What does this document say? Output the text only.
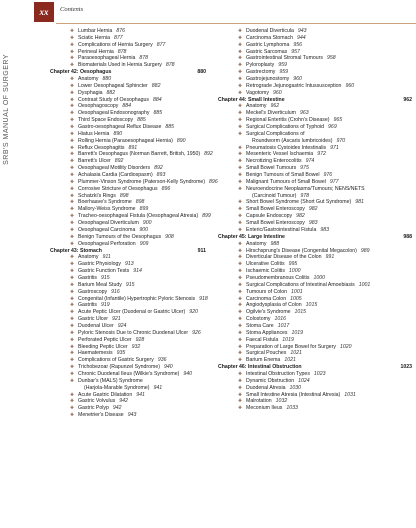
xx	Contents
SRB'S MANUAL OF SURGERY
❖ Lumbar Hernia 876
❖ Sciatic Hernia 877
❖ Complications of Hernia Surgery 877
❖ Perineal Hernia 878
❖ Paraoesophageal Hernia 878
❖ Biomaterials Used in Hernia Surgery 878
Chapter 42: Oesophagus	880
❖ Anatomy 880
❖ Lower Oesophageal Sphincter 882
❖ Dysphagia 882
❖ Contrast Study of Oesophagus 884
❖ Oesophagoscopy 884
❖ Oesophageal Endosonography 885
❖ Third Space Endoscopy 885
❖ Gastro-oesophageal Reflux Disease 885
❖ Hiatus Hernia 890
❖ Rolling Hernia (Paraoesophageal Hernia) 890
❖ Reflux Oesophagitis 891
❖ Barrett's Oesophagus (Norman Barrett, British, 1950) 892
❖ Barrett's Ulcer 892
❖ Oesophageal Motility Disorders 892
❖ Achalasia Cardia (Cardiospasm) 893
❖ Plummer-Vinson Syndrome (Paterson-Kelly Syndrome) 896
❖ Corrosive Stricture of Oesophagus 896
❖ Schatzki's Rings 898
❖ Boerhaave's Syndrome 898
❖ Mallory-Weiss Syndrome 899
❖ Tracheo-oesophageal Fistula (Oesophageal Atresia) 899
❖ Oesophageal Diverticulum 900
❖ Oesophageal Carcinoma 900
❖ Benign Tumours of the Oesophagus 908
❖ Oesophageal Perforation 909
Chapter 43: Stomach	911
❖ Anatomy 911
❖ Gastric Physiology 913
❖ Gastric Function Tests 914
❖ Gastritis 915
❖ Barium Meal Study 915
❖ Gastroscopy 916
❖ Congenital (Infantile) Hypertrophic Pyloric Stenosis 918
❖ Gastritis 919
❖ Acute Peptic Ulcer (Duodenal or Gastric Ulcer) 920
❖ Gastric Ulcer 921
❖ Duodenal Ulcer 924
❖ Pyloric Stenosis Due to Chronic Duodenal Ulcer 926
❖ Perforated Peptic Ulcer 928
❖ Bleeding Peptic Ulcer 932
❖ Haematemesis 935
❖ Complications of Gastric Surgery 936
❖ Trichobezoar (Rapunzel Syndrome) 940
❖ Chronic Duodenal Ileus (Wilkie's Syndrome) 940
❖ Dunbar's (MALS) Syndrome
(Harjola-Marable Syndrome) 941
❖ Acute Gastric Dilatation 941
❖ Gastric Volvulus 942
❖ Gastric Polyp 942
❖ Menetrier's Disease 943
❖ Duodenal Diverticula 943
❖ Carcinoma Stomach 944
❖ Gastric Lymphoma 956
❖ Gastric Sarcomas 957
❖ Gastrointestinal Stromal Tumours 958
❖ Pyloroplasty 959
❖ Gastrectomy 959
❖ Gastrojejunostomy 960
❖ Retrograde Jejunogastric Intussusception 960
❖ Vagotomy 960
Chapter 44: Small Intestine	962
❖ Anatomy 962
❖ Meckel's Diverticulum 963
❖ Regional Enteritis (Crohn's Disease) 965
❖ Surgical Complications of Typhoid 969
❖ Surgical Complications of
Roundworm (Ascaris lumbricoides) 970
❖ Pneumatosis Cystoides Intestinalis 971
❖ Mesenteric Vessel Ischaemia 972
❖ Necrotizing Enterocolitis 974
❖ Small Bowel Tumours 975
❖ Benign Tumours of Small Bowel 976
❖ Malignant Tumours of Small Bowel 977
❖ Neuroendocrine Neoplasms/Tumours; NENS/NETS
(Carcinoid Tumour) 978
❖ Short Bowel Syndrome (Short Gut Syndrome) 981
❖ Small Bowel Enteroscopy 982
❖ Capsule Endoscopy 982
❖ Small Bowel Enteroscopy 983
❖ Enteric/Gastrointestinal Fistula 983
Chapter 45: Large Intestine	988
❖ Anatomy 988
❖ Hirschsprung's Disease (Congenital Megacolon) 989
❖ Diverticular Disease of the Colon 991
❖ Ulcerative Colitis 995
❖ Ischaemic Colitis 1000
❖ Pseudomembranous Colitis 1000
❖ Surgical Complications of Intestinal Amoebiasis 1001
❖ Tumours of Colon 1001
❖ Carcinoma Colon 1005
❖ Angiodysplasia of Colon 1015
❖ Ogilvie's Syndrome 1015
❖ Colostomy 1016
❖ Stoma Care 1017
❖ Stoma Appliances 1019
❖ Faecal Fistula 1019
❖ Preparation of Large Bowel for Surgery 1020
❖ Surgical Pouches 1021
❖ Barium Enema 1021
Chapter 46: Intestinal Obstruction	1023
❖ Intestinal Obstruction Types 1023
❖ Dynamic Obstruction 1024
❖ Duodenal Atresia 1030
❖ Small Intestine Atresia (Intestinal Atresia) 1031
❖ Malrotation 1032
❖ Meconium Ileus 1033
